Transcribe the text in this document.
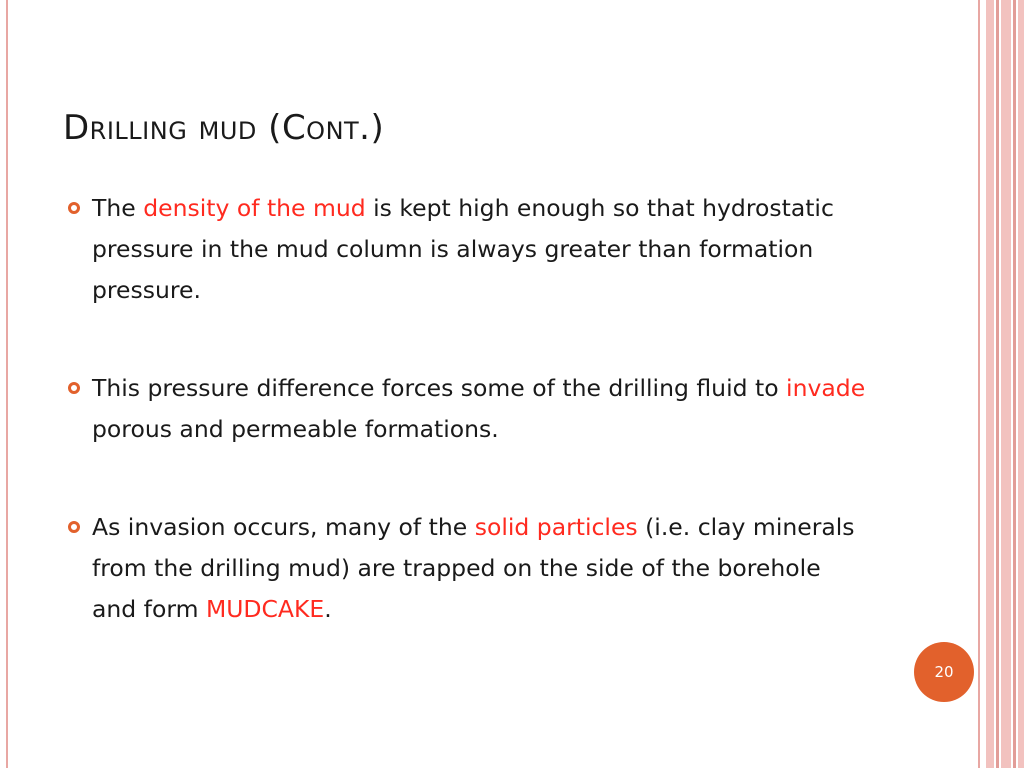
Drilling mud (Cont.)
The density of the mud is kept high enough so that hydrostatic pressure in the mud column is always greater than formation pressure.
This pressure difference forces some of the drilling fluid to invade porous and permeable formations.
As invasion occurs, many of the solid particles (i.e. clay minerals from the drilling mud) are trapped on the side of the borehole and form MUDCAKE.
20
